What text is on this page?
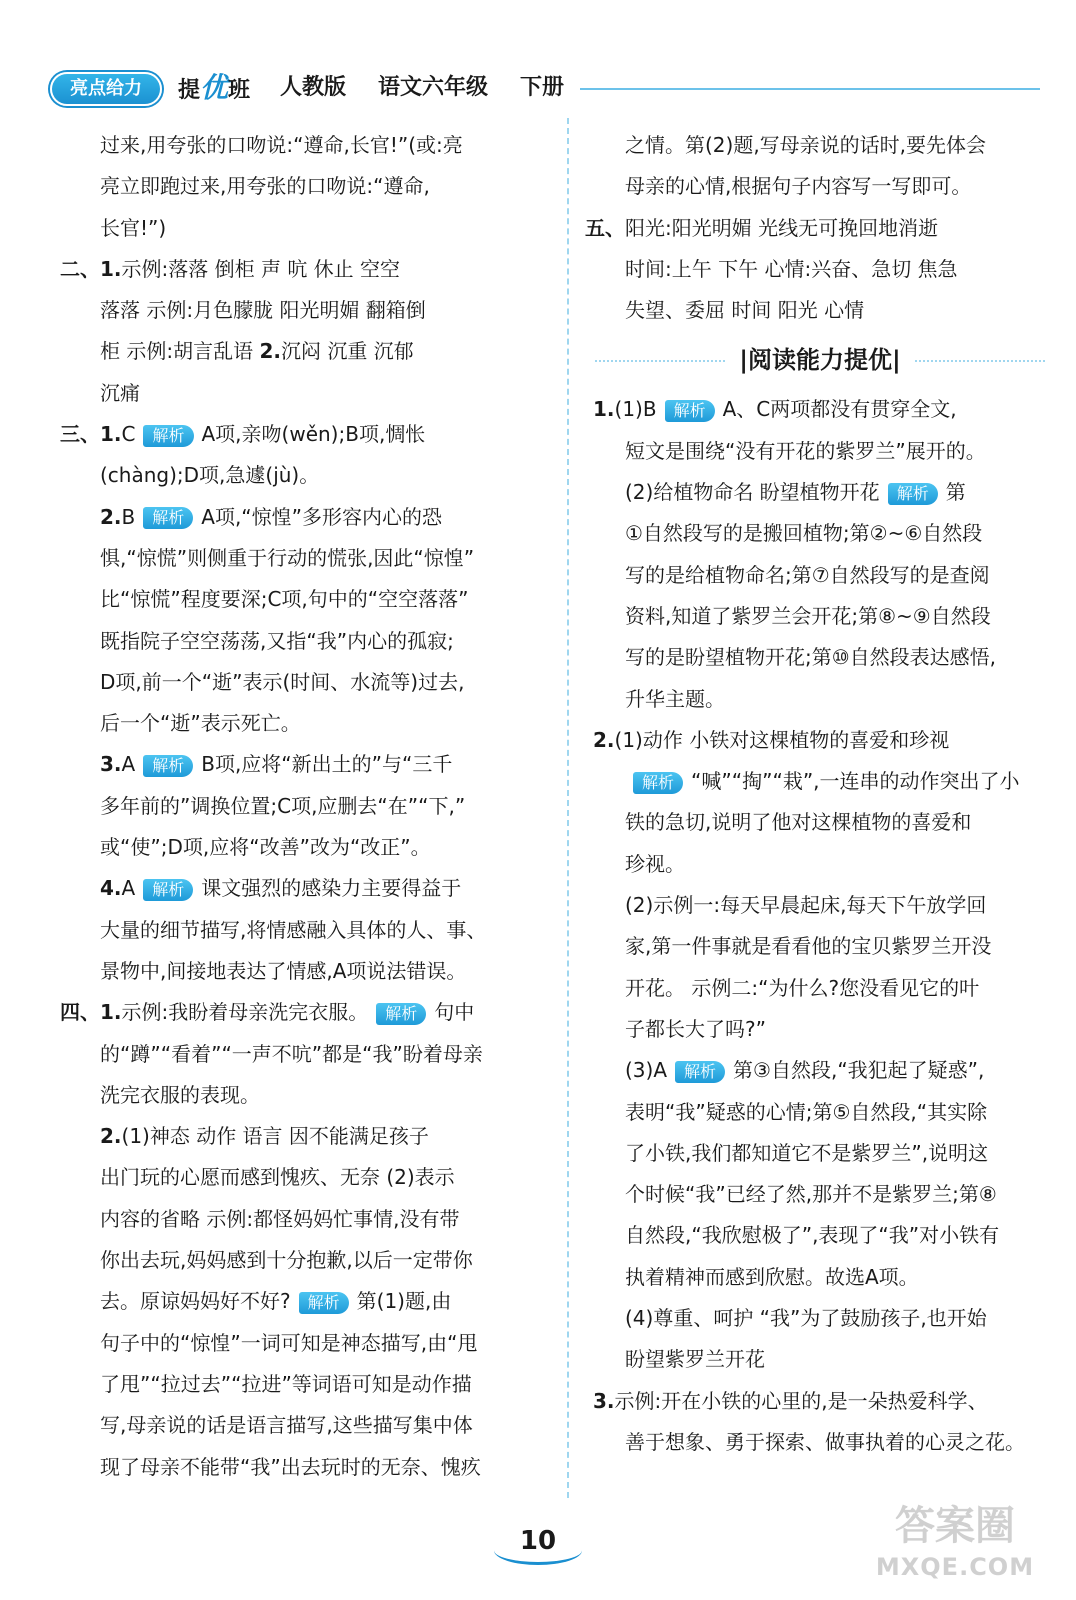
亮点给力	提优班 人教版 语文六年级 下册
过来,用夸张的口吻说:“遵命,长官!”(或:亮
亮立即跑过来,用夸张的口吻说:“遵命,
长官!”)
二、1.示例:落落 倒柜 声 吭 休止 空空
落落 示例:月色朦胧 阳光明媚 翻箱倒
柜 示例:胡言乱语 2.沉闷 沉重 沉郁
沉痛
三、1.C 解析 A项,亲吻(wěn);B项,惆怅
(chàng);D项,急遽(jù)。
2.B 解析 A项,“惊惶”多形容内心的恐
惧,“惊慌”则侧重于行动的慌张,因此“惊惶”
比“惊慌”程度要深;C项,句中的“空空落落”
既指院子空空荡荡,又指“我”内心的孤寂;
D项,前一个“逝”表示(时间、水流等)过去,
后一个“逝”表示死亡。
3.A 解析 B项,应将“新出土的”与“三千
多年前的”调换位置;C项,应删去“在”“下,”
或“使”;D项,应将“改善”改为“改正”。
4.A 解析 课文强烈的感染力主要得益于
大量的细节描写,将情感融入具体的人、事、
景物中,间接地表达了情感,A项说法错误。
四、1.示例:我盼着母亲洗完衣服。 解析 句中
的“蹲”“看着”“一声不吭”都是“我”盼着母亲
洗完衣服的表现。
2.(1)神态 动作 语言 因不能满足孩子
出门玩的心愿而感到愧疚、无奈 (2)表示
内容的省略 示例:都怪妈妈忙事情,没有带
你出去玩,妈妈感到十分抱歉,以后一定带你
去。原谅妈妈好不好? 解析 第(1)题,由
句子中的“惊惶”一词可知是神态描写,由“甩
了甩”“拉过去”“拉进”等词语可知是动作描
写,母亲说的话是语言描写,这些描写集中体
现了母亲不能带“我”出去玩时的无奈、愧疚
之情。第(2)题,写母亲说的话时,要先体会
母亲的心情,根据句子内容写一写即可。
五、阳光:阳光明媚 光线无可挽回地消逝
时间:上午 下午 心情:兴奋、急切 焦急
失望、委屈 时间 阳光 心情
|阅读能力提优|
1.(1)B 解析 A、C两项都没有贯穿全文,
短文是围绕“没有开花的紫罗兰”展开的。
(2)给植物命名 盼望植物开花 解析 第
①自然段写的是搬回植物;第②~⑥自然段
写的是给植物命名;第⑦自然段写的是查阅
资料,知道了紫罗兰会开花;第⑧~⑨自然段
写的是盼望植物开花;第⑩自然段表达感悟,
升华主题。
2.(1)动作 小铁对这棵植物的喜爱和珍视
解析 “喊”“掏”“栽”,一连串的动作突出了小
铁的急切,说明了他对这棵植物的喜爱和
珍视。
(2)示例一:每天早晨起床,每天下午放学回
家,第一件事就是看看他的宝贝紫罗兰开没
开花。 示例二:“为什么?您没看见它的叶
子都长大了吗?”
(3)A 解析 第③自然段,“我犯起了疑惑”,
表明“我”疑惑的心情;第⑤自然段,“其实除
了小铁,我们都知道它不是紫罗兰”,说明这
个时候“我”已经了然,那并不是紫罗兰;第⑧
自然段,“我欣慰极了”,表现了“我”对小铁有
执着精神而感到欣慰。故选A项。
(4)尊重、呵护 “我”为了鼓励孩子,也开始
盼望紫罗兰开花
3.示例:开在小铁的心里的,是一朵热爱科学、
善于想象、勇于探索、做事执着的心灵之花。
10	答案圈
MXQE.COM
